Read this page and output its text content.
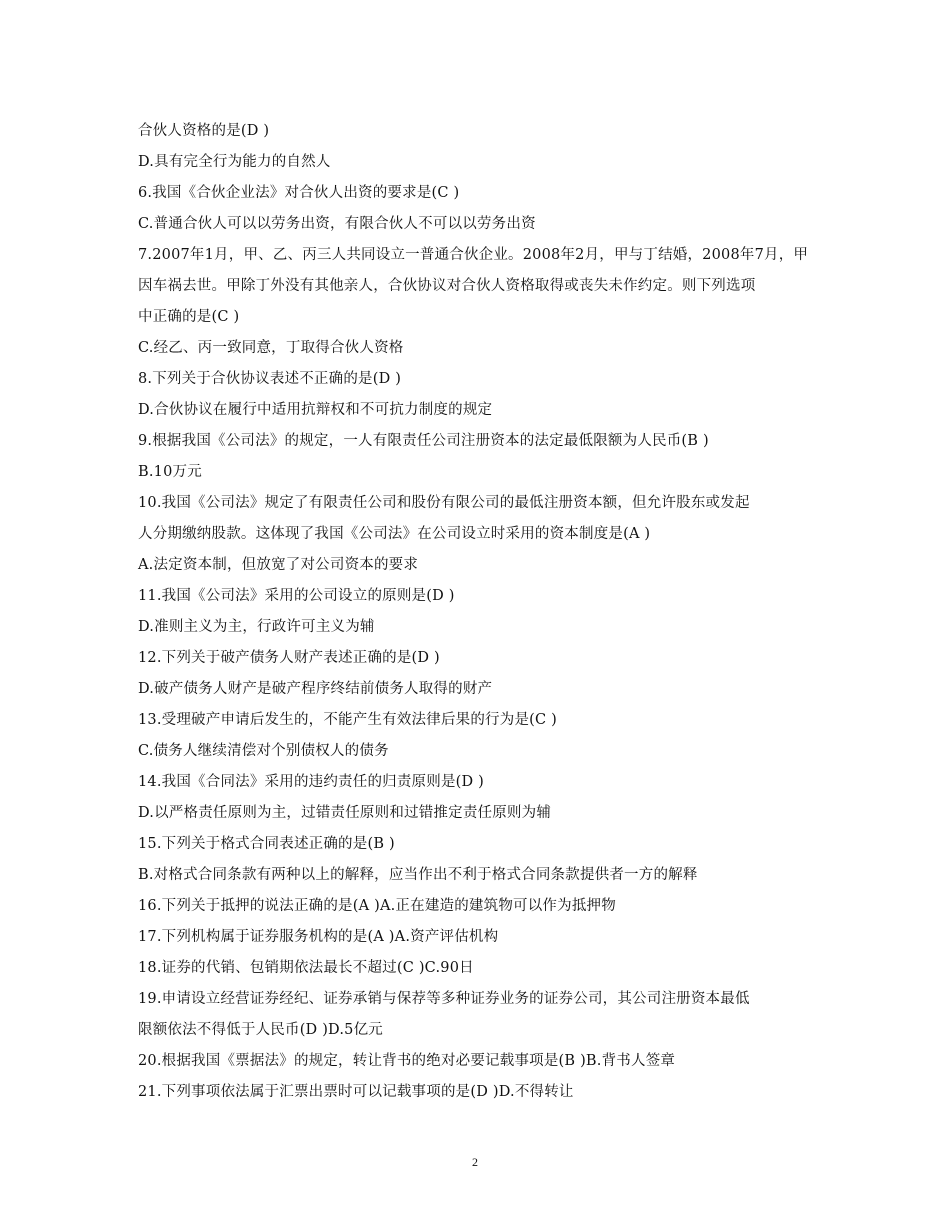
合伙人资格的是(D )
D.具有完全行为能力的自然人
6.我国《合伙企业法》对合伙人出资的要求是(C )
C.普通合伙人可以以劳务出资，有限合伙人不可以以劳务出资
7.2007年1月，甲、乙、丙三人共同设立一普通合伙企业。2008年2月，甲与丁结婚，2008年7月，甲
因车祸去世。甲除丁外没有其他亲人，合伙协议对合伙人资格取得或丧失未作约定。则下列选项
中正确的是(C )
C.经乙、丙一致同意，丁取得合伙人资格
8.下列关于合伙协议表述不正确的是(D )
D.合伙协议在履行中适用抗辩权和不可抗力制度的规定
9.根据我国《公司法》的规定，一人有限责任公司注册资本的法定最低限额为人民币(B )
B.10万元
10.我国《公司法》规定了有限责任公司和股份有限公司的最低注册资本额，但允许股东或发起
人分期缴纳股款。这体现了我国《公司法》在公司设立时采用的资本制度是(A )
A.法定资本制，但放宽了对公司资本的要求
11.我国《公司法》采用的公司设立的原则是(D )
D.准则主义为主，行政许可主义为辅
12.下列关于破产债务人财产表述正确的是(D )
D.破产债务人财产是破产程序终结前债务人取得的财产
13.受理破产申请后发生的，不能产生有效法律后果的行为是(C )
C.债务人继续清偿对个别债权人的债务
14.我国《合同法》采用的违约责任的归责原则是(D )
D.以严格责任原则为主，过错责任原则和过错推定责任原则为辅
15.下列关于格式合同表述正确的是(B )
B.对格式合同条款有两种以上的解释，应当作出不利于格式合同条款提供者一方的解释
16.下列关于抵押的说法正确的是(A )A.正在建造的建筑物可以作为抵押物
17.下列机构属于证券服务机构的是(A )A.资产评估机构
18.证券的代销、包销期依法最长不超过(C )C.90日
19.申请设立经营证券经纪、证券承销与保荐等多种证券业务的证券公司，其公司注册资本最低
限额依法不得低于人民币(D )D.5亿元
20.根据我国《票据法》的规定，转让背书的绝对必要记载事项是(B )B.背书人签章
21.下列事项依法属于汇票出票时可以记载事项的是(D )D.不得转让
2
